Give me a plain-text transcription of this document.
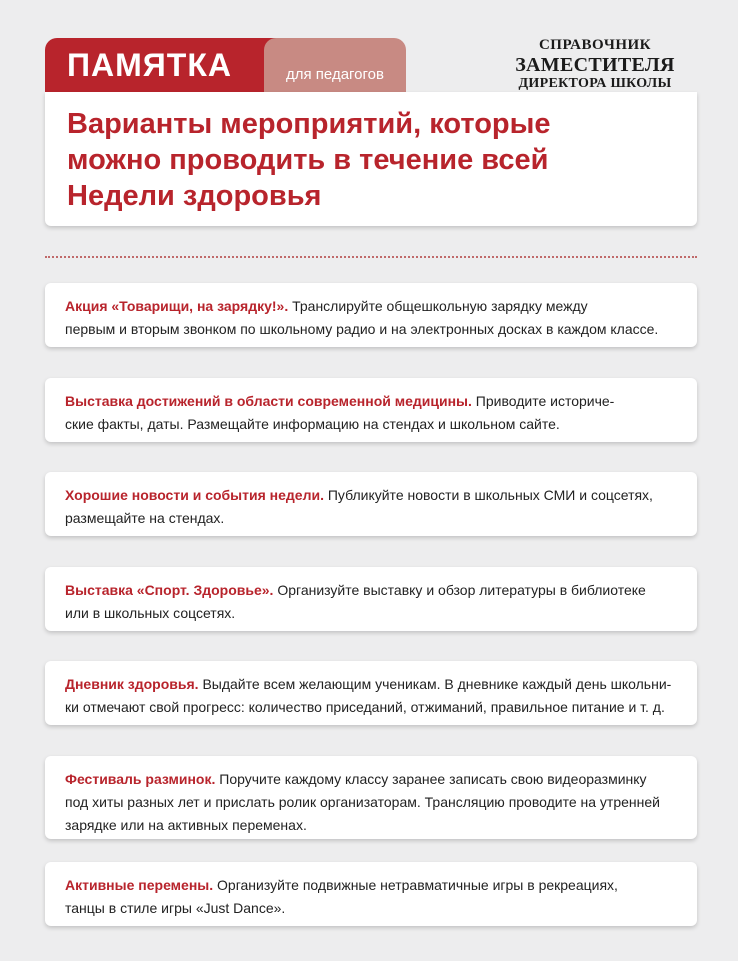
ПАМЯТКА	для педагогов
СПРАВОЧНИК
ЗАМЕСТИТЕЛЯ
ДИРЕКТОРА ШКОЛЫ
Варианты мероприятий, которые
можно проводить в течение всей
Недели здоровья
Акция «Товарищи, на зарядку!». Транслируйте общешкольную зарядку между
первым и вторым звонком по школьному радио и на электронных досках в каждом классе.
Выставка достижений в области современной медицины. Приводите историче-
ские факты, даты. Размещайте информацию на стендах и школьном сайте.
Хорошие новости и события недели. Публикуйте новости в школьных СМИ и соцсетях,
размещайте на стендах.
Выставка «Спорт. Здоровье». Организуйте выставку и обзор литературы в библиотеке
или в школьных соцсетях.
Дневник здоровья. Выдайте всем желающим ученикам. В дневнике каждый день школьни-
ки отмечают свой прогресс: количество приседаний, отжиманий, правильное питание и т. д.
Фестиваль разминок. Поручите каждому классу заранее записать свою видеоразминку
под хиты разных лет и прислать ролик организаторам. Трансляцию проводите на утренней
зарядке или на активных переменах.
Активные перемены. Организуйте подвижные нетравматичные игры в рекреациях,
танцы в стиле игры «Just Dance».
